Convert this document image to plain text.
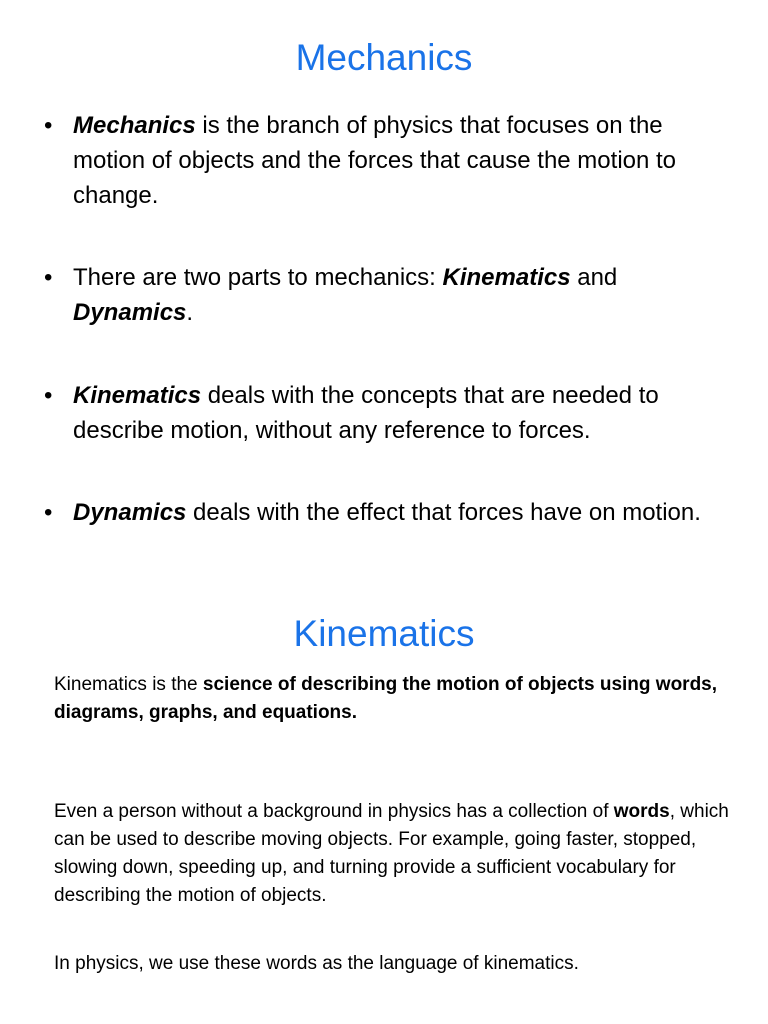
Mechanics
• Mechanics is the branch of physics that focuses on the motion of objects and the forces that cause the motion to change.
• There are two parts to mechanics: Kinematics and Dynamics.
• Kinematics deals with the concepts that are needed to describe motion, without any reference to forces.
• Dynamics deals with the effect that forces have on motion.
Kinematics

Kinematics is the science of describing the motion of objects using words, diagrams, graphs, and equations.

Even a person without a background in physics has a collection of words, which can be used to describe moving objects. For example, going faster, stopped, slowing down, speeding up, and turning provide a sufficient vocabulary for describing the motion of objects.

In physics, we use these words as the language of kinematics.
